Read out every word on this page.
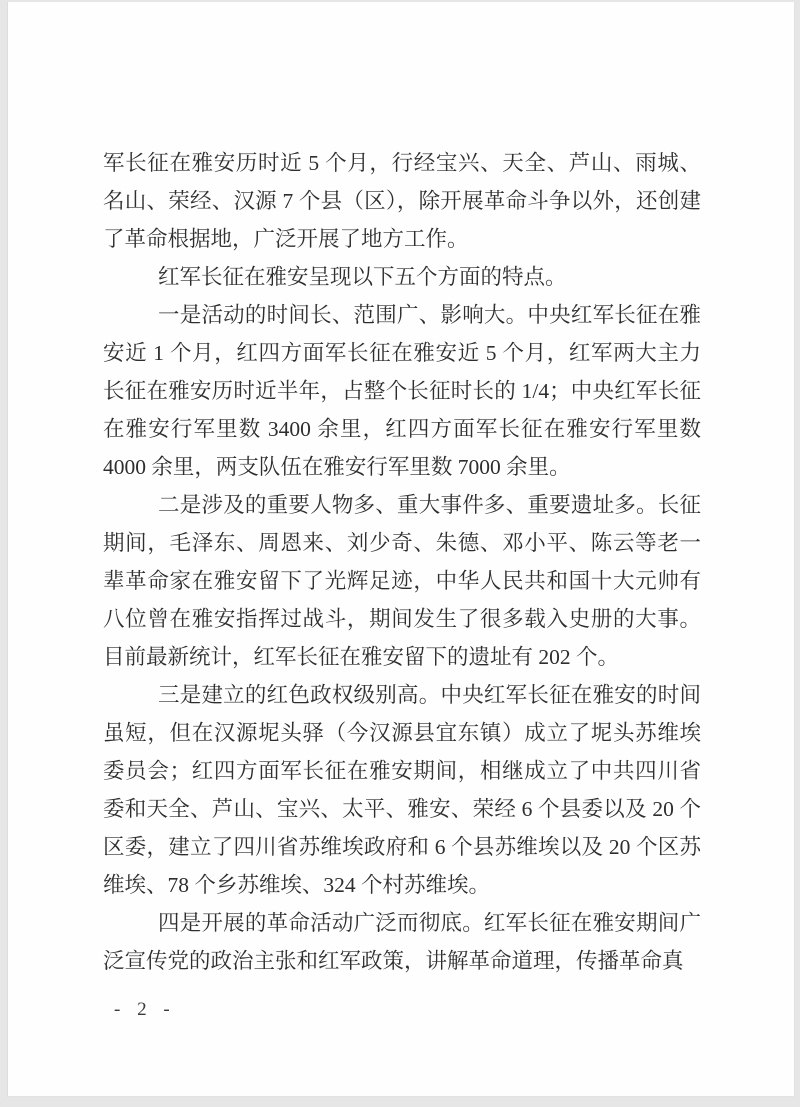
军长征在雅安历时近 5 个月，行经宝兴、天全、芦山、雨城、名山、荣经、汉源 7 个县（区），除开展革命斗争以外，还创建了革命根据地，广泛开展了地方工作。

红军长征在雅安呈现以下五个方面的特点。

一是活动的时间长、范围广、影响大。中央红军长征在雅安近 1 个月，红四方面军长征在雅安近 5 个月，红军两大主力长征在雅安历时近半年，占整个长征时长的 1/4；中央红军长征在雅安行军里数 3400 余里，红四方面军长征在雅安行军里数 4000 余里，两支队伍在雅安行军里数 7000 余里。

二是涉及的重要人物多、重大事件多、重要遗址多。长征期间，毛泽东、周恩来、刘少奇、朱德、邓小平、陈云等老一辈革命家在雅安留下了光辉足迹，中华人民共和国十大元帅有八位曾在雅安指挥过战斗，期间发生了很多载入史册的大事。目前最新统计，红军长征在雅安留下的遗址有 202 个。

三是建立的红色政权级别高。中央红军长征在雅安的时间虽短，但在汉源坭头驿（今汉源县宜东镇）成立了坭头苏维埃委员会；红四方面军长征在雅安期间，相继成立了中共四川省委和天全、芦山、宝兴、太平、雅安、荣经 6 个县委以及 20 个区委，建立了四川省苏维埃政府和 6 个县苏维埃以及 20 个区苏维埃、78 个乡苏维埃、324 个村苏维埃。

四是开展的革命活动广泛而彻底。红军长征在雅安期间广泛宣传党的政治主张和红军政策，讲解革命道理，传播革命真

- 2 -
